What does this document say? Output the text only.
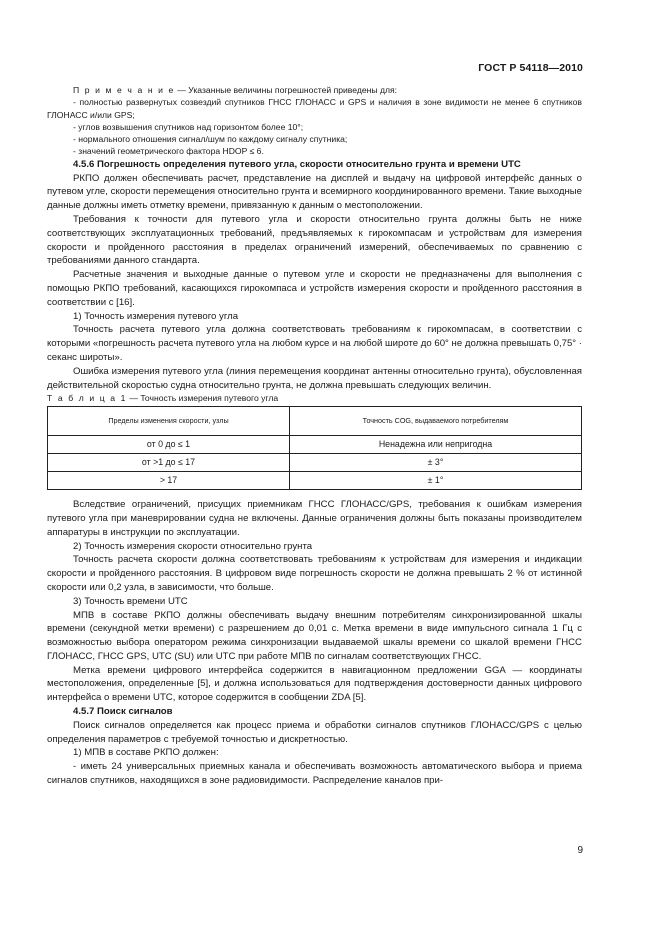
ГОСТ Р 54118—2010

П р и м е ч а н и е — Указанные величины погрешностей приведены для:

- полностью развернутых созвездий спутников ГНСС ГЛОНАСС и GPS и наличия в зоне видимости не менее 6 спутников ГЛОНАСС и/или GPS;

- углов возвышения спутников над горизонтом более 10°;

- нормального отношения сигнал/шум по каждому сигналу спутника;

- значений геометрического фактора HDOP ≤ 6.

4.5.6 Погрешность определения путевого угла, скорости относительно грунта и времени UTC

РКПО должен обеспечивать расчет, представление на дисплей и выдачу на цифровой интерфейс данных о путевом угле, скорости перемещения относительно грунта и всемирного координированного времени. Такие выходные данные должны иметь отметку времени, привязанную к данным о местоположении.

Требования к точности для путевого угла и скорости относительно грунта должны быть не ниже соответствующих эксплуатационных требований, предъявляемых к гирокомпасам и устройствам для измерения скорости и пройденного расстояния в пределах ограничений измерений, обеспечиваемых по сравнению с требованиями данного стандарта.

Расчетные значения и выходные данные о путевом угле и скорости не предназначены для выполнения с помощью РКПО требований, касающихся гирокомпаса и устройств измерения скорости и пройденного расстояния в соответствии с [16].

1) Точность измерения путевого угла

Точность расчета путевого угла должна соответствовать требованиям к гирокомпасам, в соответствии с которыми «погрешность расчета путевого угла на любом курсе и на любой широте до 60° не должна превышать 0,75° · секанс широты».

Ошибка измерения путевого угла (линия перемещения координат антенны относительно грунта), обусловленная действительной скоростью судна относительно грунта, не должна превышать следующих величин.

Т а б л и ц а 1 — Точность измерения путевого угла

Пределы изменения скорости, узлы	Точность COG, выдаваемого потребителям
от 0 до ≤ 1	Ненадежна или непригодна
от >1 до ≤ 17	± 3°
> 17	± 1°

Вследствие ограничений, присущих приемникам ГНСС ГЛОНАСС/GPS, требования к ошибкам измерения путевого угла при маневрировании судна не включены. Данные ограничения должны быть показаны производителем аппаратуры в инструкции по эксплуатации.

2) Точность измерения скорости относительно грунта

Точность расчета скорости должна соответствовать требованиям к устройствам для измерения и индикации скорости и пройденного расстояния. В цифровом виде погрешность скорости не должна превышать 2 % от истинной скорости или 0,2 узла, в зависимости, что больше.

3) Точность времени UTC

МПВ в составе РКПО должны обеспечивать выдачу внешним потребителям синхронизированной шкалы времени (секундной метки времени) с разрешением до 0,01 с. Метка времени в виде импульсного сигнала 1 Гц с возможностью выбора оператором режима синхронизации выдаваемой шкалы времени со шкалой времени ГНСС ГЛОНАСС, ГНСС GPS, UTC (SU) или UTC при работе МПВ по сигналам соответствующих ГНСС.

Метка времени цифрового интерфейса содержится в навигационном предложении GGA — координаты местоположения, определенные [5], и должна использоваться для подтверждения достоверности данных цифрового интерфейса о времени UTC, которое содержится в сообщении ZDA [5].

4.5.7 Поиск сигналов

Поиск сигналов определяется как процесс приема и обработки сигналов спутников ГЛОНАСС/GPS с целью определения параметров с требуемой точностью и дискретностью.

1) МПВ в составе РКПО должен:

- иметь 24 универсальных приемных канала и обеспечивать возможность автоматического выбора и приема сигналов спутников, находящихся в зоне радиовидимости. Распределение каналов при-

9
